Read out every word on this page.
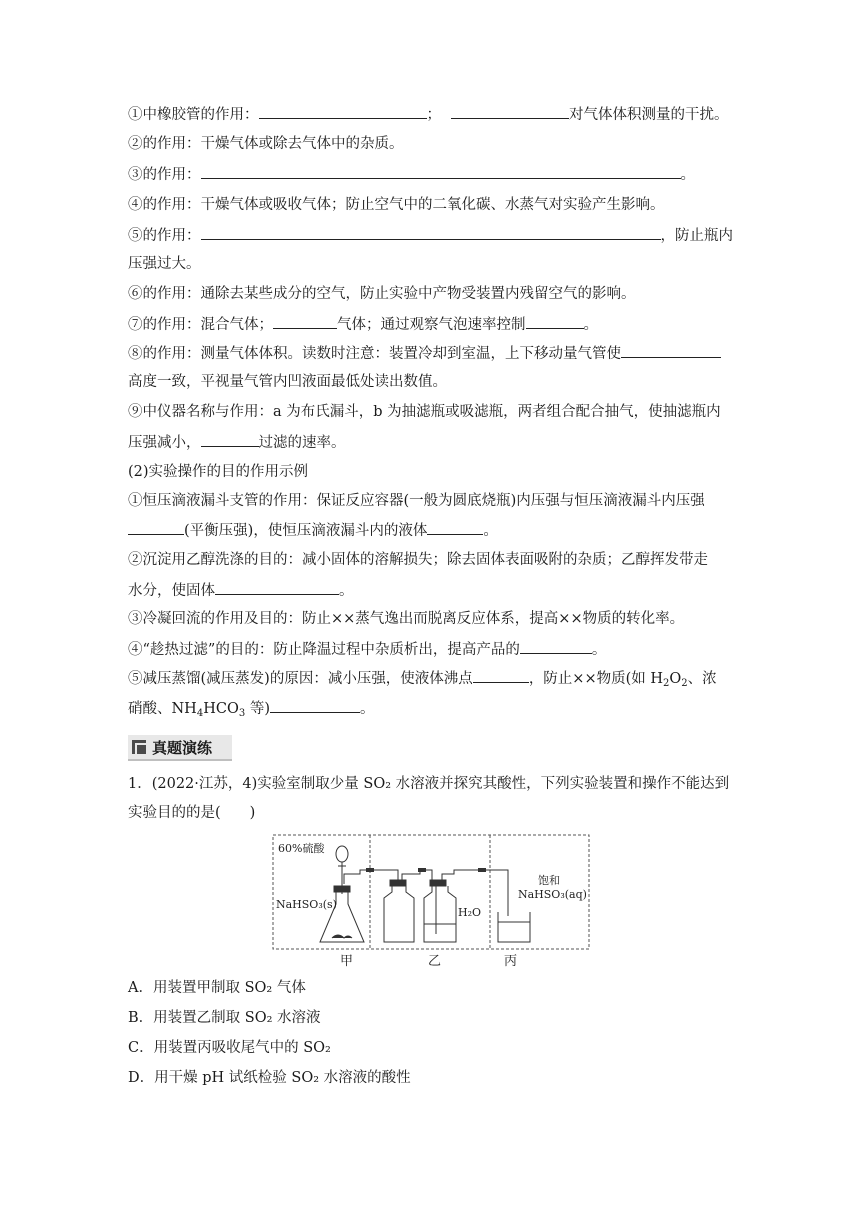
①中橡胶管的作用：	；	对气体体积测量的干扰。
②的作用：干燥气体或除去气体中的杂质。
③的作用：	。
④的作用：干燥气体或吸收气体；防止空气中的二氧化碳、水蒸气对实验产生影响。
⑤的作用：	，防止瓶内
压强过大。
⑥的作用：通除去某些成分的空气，防止实验中产物受装置内残留空气的影响。
⑦的作用：混合气体；	气体；通过观察气泡速率控制	。
⑧的作用：测量气体体积。读数时注意：装置冷却到室温，上下移动量气管使
高度一致，平视量气管内凹液面最低处读出数值。
⑨中仪器名称与作用：a 为布氏漏斗，b 为抽滤瓶或吸滤瓶，两者组合配合抽气，使抽滤瓶内
压强减小，	过滤的速率。
(2)实验操作的目的作用示例
①恒压滴液漏斗支管的作用：保证反应容器(一般为圆底烧瓶)内压强与恒压滴液漏斗内压强
(平衡压强)，使恒压滴液漏斗内的液体	。
②沉淀用乙醇洗涤的目的：减小固体的溶解损失；除去固体表面吸附的杂质；乙醇挥发带走
水分，使固体	。
③冷凝回流的作用及目的：防止××蒸气逸出而脱离反应体系，提高××物质的转化率。
④“趁热过滤”的目的：防止降温过程中杂质析出，提高产品的	。
⑤减压蒸馏(减压蒸发)的原因：减小压强，使液体沸点	，防止××物质(如 $H_2O_2$、浓
硝酸、$NH_4HCO_3$ 等)	。
真题演练
1．(2022·江苏，4)实验室制取少量 SO₂ 水溶液并探究其酸性，下列实验装置和操作不能达到
实验目的的是(　　)
60%硫酸
NaHSO₃(s)
H₂O
饱和
NaHSO₃(aq)
甲	乙	丙
A．用装置甲制取 SO₂ 气体
B．用装置乙制取 SO₂ 水溶液
C．用装置丙吸收尾气中的 SO₂
D．用干燥 pH 试纸检验 SO₂ 水溶液的酸性
